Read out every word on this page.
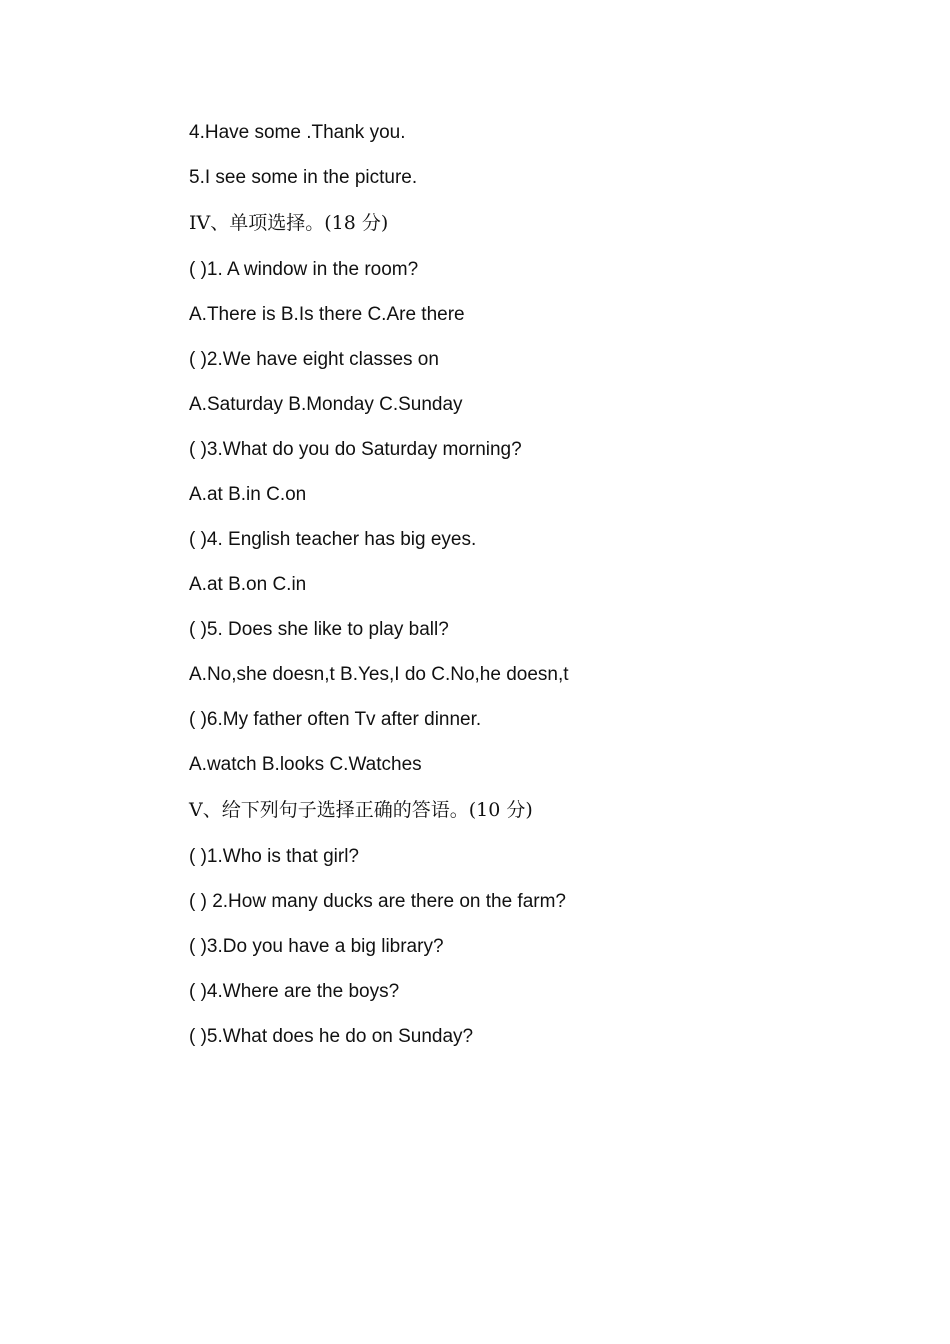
4.Have some .Thank you.
5.I see some in the picture.
IV、单项选择。(18 分)
( )1. A window in the room?
A.There is B.Is there C.Are there
( )2.We have eight classes on
A.Saturday B.Monday C.Sunday
( )3.What do you do Saturday morning?
A.at B.in C.on
( )4. English teacher has big eyes.
A.at B.on C.in
( )5. Does she like to play ball?
A.No,she doesn,t B.Yes,I do C.No,he doesn,t
( )6.My father often Tv after dinner.
A.watch B.looks C.Watches
V、给下列句子选择正确的答语。(10 分)
( )1.Who is that girl?
( ) 2.How many ducks are there on the farm?
( )3.Do you have a big library?
( )4.Where are the boys?
( )5.What does he do on Sunday?
